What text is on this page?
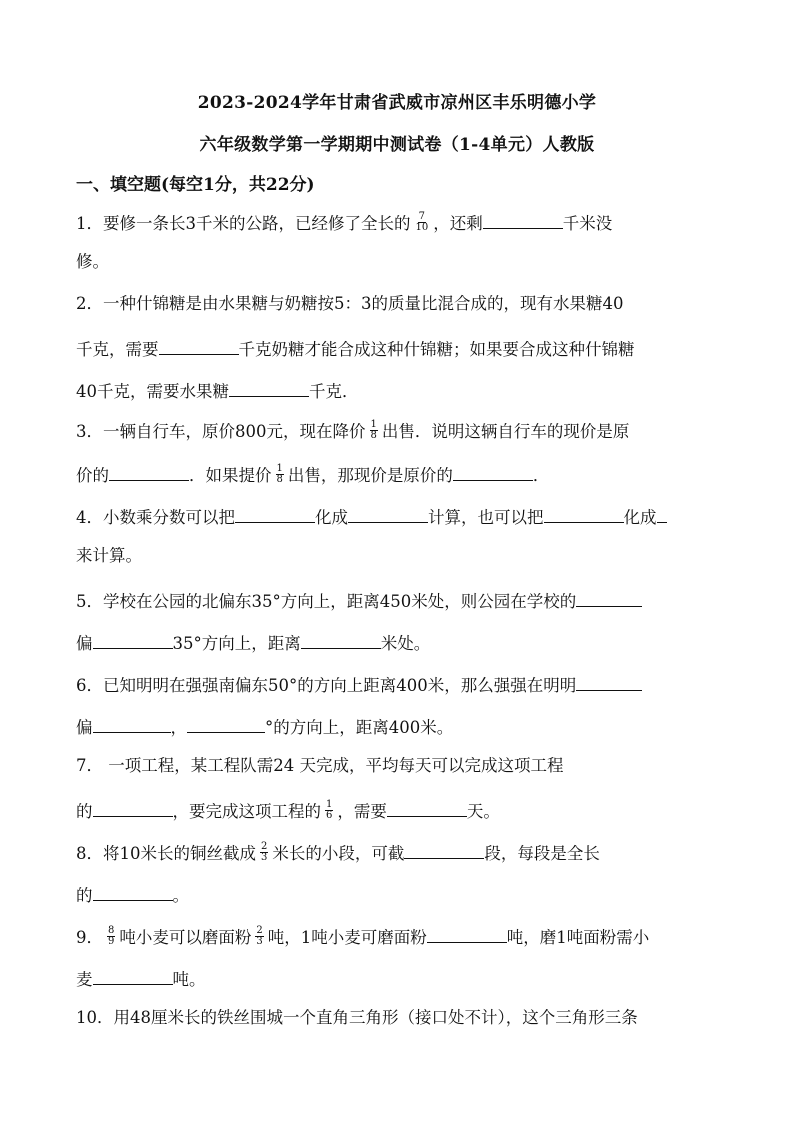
2023-2024学年甘肃省武威市凉州区丰乐明德小学
六年级数学第一学期期中测试卷（1-4单元）人教版
一、填空题(每空1分，共22分)
1．要修一条长3千米的公路，已经修了全长的 $\frac{7}{10}$ ，还剩	千米没
修。
2．一种什锦糖是由水果糖与奶糖按5：3的质量比混合成的，现有水果糖40
千克，需要	千克奶糖才能合成这种什锦糖；如果要合成这种什锦糖
40千克，需要水果糖	千克．
3．一辆自行车，原价800元，现在降价 $\frac{1}{8}$ 出售．说明这辆自行车的现价是原
价的	．如果提价 $\frac{1}{8}$ 出售，那现价是原价的	．
4．小数乘分数可以把	化成	计算，也可以把	化成
来计算。
5．学校在公园的北偏东35°方向上，距离450米处，则公园在学校的
偏	35°方向上，距离	米处。
6．已知明明在强强南偏东50°的方向上距离400米，那么强强在明明
偏	，	°的方向上，距离400米。
7． 一项工程，某工程队需24 天完成，平均每天可以完成这项工程
的	，要完成这项工程的 $\frac{1}{6}$ ，需要	天。
8．将10米长的铜丝截成 $\frac{2}{3}$ 米长的小段，可截	段，每段是全长
的	。
9． $\frac{8}{9}$ 吨小麦可以磨面粉 $\frac{2}{3}$ 吨，1吨小麦可磨面粉	吨，磨1吨面粉需小
麦	吨。
10．用48厘米长的铁丝围城一个直角三角形（接口处不计），这个三角形三条
